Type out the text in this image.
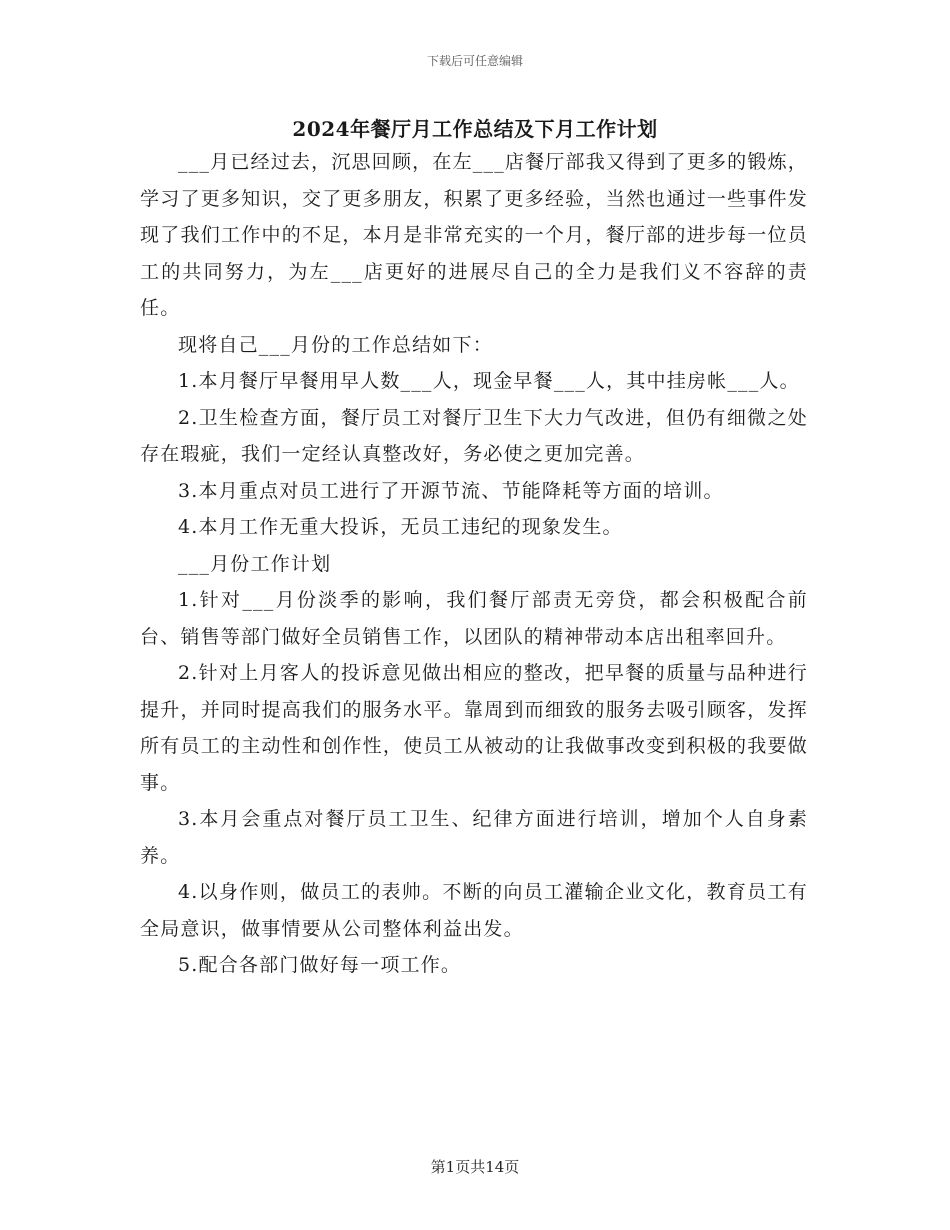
下载后可任意编辑
2024年餐厅月工作总结及下月工作计划

___月已经过去，沉思回顾，在左___店餐厅部我又得到了更多的锻炼，学习了更多知识，交了更多朋友，积累了更多经验，当然也通过一些事件发现了我们工作中的不足，本月是非常充实的一个月，餐厅部的进步每一位员工的共同努力，为左___店更好的进展尽自己的全力是我们义不容辞的责任。

现将自己___月份的工作总结如下：

1.本月餐厅早餐用早人数___人，现金早餐___人，其中挂房帐___人。

2.卫生检查方面，餐厅员工对餐厅卫生下大力气改进，但仍有细微之处存在瑕疵，我们一定经认真整改好，务必使之更加完善。

3.本月重点对员工进行了开源节流、节能降耗等方面的培训。

4.本月工作无重大投诉，无员工违纪的现象发生。

___月份工作计划

1.针对___月份淡季的影响，我们餐厅部责无旁贷，都会积极配合前台、销售等部门做好全员销售工作，以团队的精神带动本店出租率回升。

2.针对上月客人的投诉意见做出相应的整改，把早餐的质量与品种进行提升，并同时提高我们的服务水平。靠周到而细致的服务去吸引顾客，发挥所有员工的主动性和创作性，使员工从被动的让我做事改变到积极的我要做事。

3.本月会重点对餐厅员工卫生、纪律方面进行培训，增加个人自身素养。

4.以身作则，做员工的表帅。不断的向员工灌输企业文化，教育员工有全局意识，做事情要从公司整体利益出发。

5.配合各部门做好每一项工作。

第1页共14页
